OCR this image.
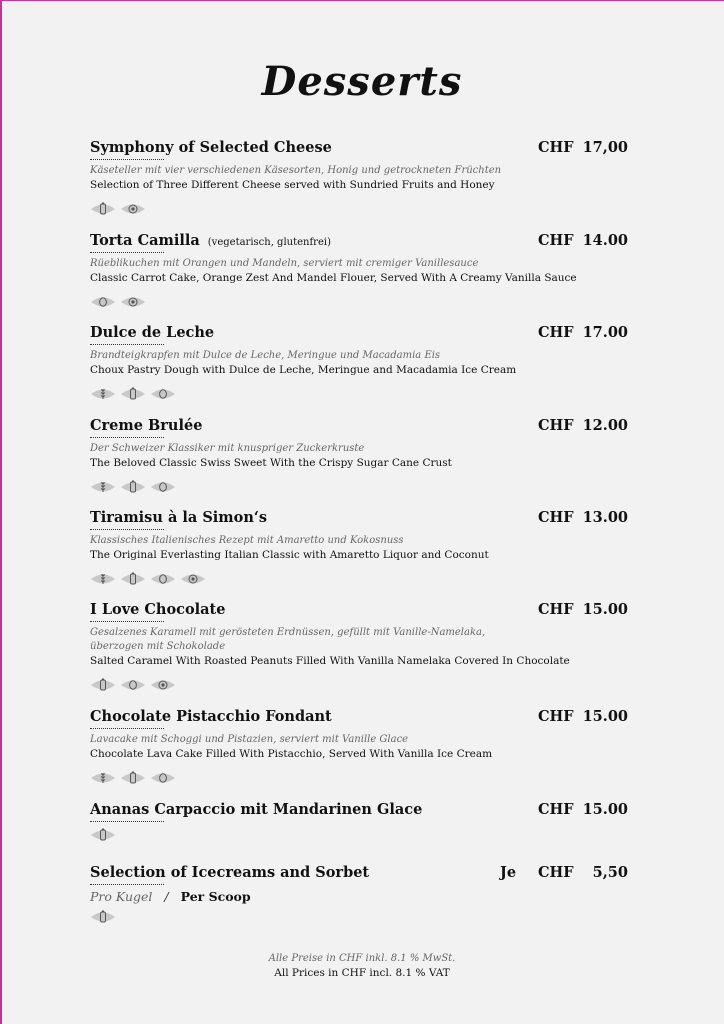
Desserts
Symphony of Selected Cheese	CHF 17,00
Käseteller mit vier verschiedenen Käsesorten, Honig und getrockneten Früchten
Selection of Three Different Cheese served with Sundried Fruits and Honey
Torta Camilla (vegetarisch, glutenfrei)	CHF 14.00
Rüeblikuchen mit Orangen und Mandeln, serviert mit cremiger Vanillesauce
Classic Carrot Cake, Orange Zest And Mandel Flouer, Served With A Creamy Vanilla Sauce
Dulce de Leche	CHF 17.00
Brandteigkrapfen mit Dulce de Leche, Meringue und Macadamia Eis
Choux Pastry Dough with Dulce de Leche, Meringue and Macadamia Ice Cream
Creme Brulée	CHF 12.00
Der Schweizer Klassiker mit knuspriger Zuckerkruste
The Beloved Classic Swiss Sweet With the Crispy Sugar Cane Crust
Tiramisu à la Simon‘s	CHF 13.00
Klassisches Italienisches Rezept mit Amaretto und Kokosnuss
The Original Everlasting Italian Classic with Amaretto Liquor and Coconut
I Love Chocolate	CHF 15.00
Gesalzenes Karamell mit gerösteten Erdnüssen, gefüllt mit Vanille-Namelaka, überzogen mit Schokolade
Salted Caramel With Roasted Peanuts Filled With Vanilla Namelaka Covered In Chocolate
Chocolate Pistacchio Fondant	CHF 15.00
Lavacake mit Schoggi und Pistazien, serviert mit Vanille Glace
Chocolate Lava Cake Filled With Pistacchio, Served With Vanilla Ice Cream
Ananas Carpaccio mit Mandarinen Glace	CHF 15.00
Selection of Icecreams and Sorbet	Je CHF 5,50
Pro Kugel / Per Scoop
Alle Preise in CHF inkl. 8.1 % MwSt.
All Prices in CHF incl. 8.1 % VAT
